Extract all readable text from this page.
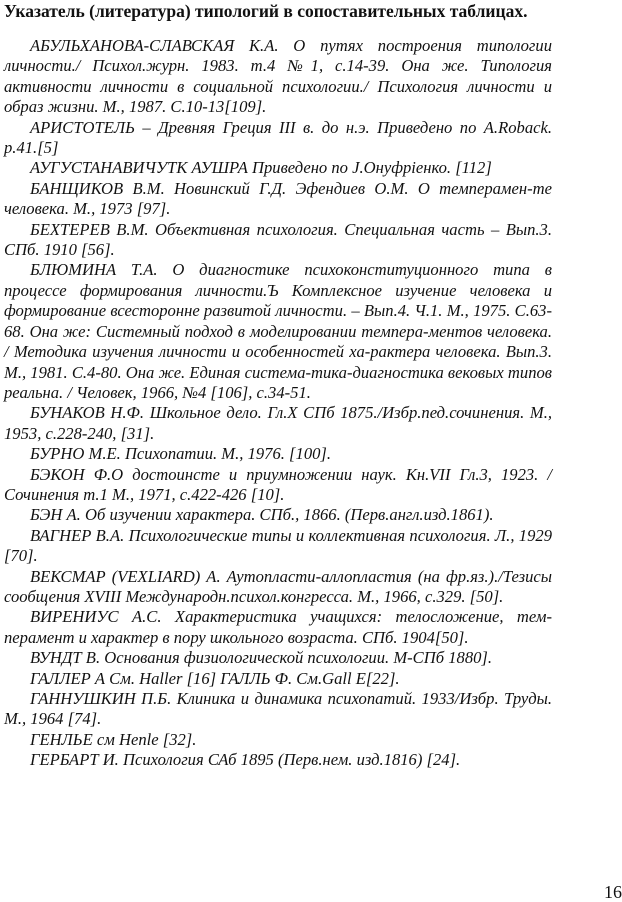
Указатель (литература) типологий в сопоставительных таблицах.

АБУЛЬХАНОВА-СЛАВСКАЯ К.А. О путях построения типологии личности./ Психол.журн. 1983. т.4 №1, с.14-39. Она же. Типология активности личности в социальной психологии./ Психология личности и образ жизни. М., 1987. С.10-13[109].

АРИСТОТЕЛЬ – Древняя Греция III в. до н.э. Приведено по A.Roback. p.41.[5]

АУГУСТАНАВИЧУТК АУШРА Приведено по J.Онуфрiенко. [112]

БАНЩИКОВ В.М. Новинский Г.Д. Эфендиев О.М. О темперамен-те человека. М., 1973 [97].

БЕХТЕРЕВ В.М. Объективная психология. Специальная часть – Вып.3. СПб. 1910 [56].

БЛЮМИНА Т.А. О диагностике психоконституционного типа в процессе формирования личности.Ъ Комплексное изучение человека и формирование всесторонне развитой личности. – Вып.4. Ч.1. М., 1975. С.63-68. Она же: Системный подход в моделировании темпера-ментов человека. / Методика изучения личности и особенностей ха-рактера человека. Вып.3. М., 1981. С.4-80. Она же. Единая система-тика-диагностика вековых типов реальна. / Человек, 1966, №4 [106], с.34-51.

БУНАКОВ Н.Ф. Школьное дело. Гл.X СПб 1875./Избр.пед.сочинения. М., 1953, с.228-240, [31].

БУРНО М.Е. Психопатии. М., 1976. [100].

БЭКОН Ф.О достоинсте и приумножении наук. Кн.VII Гл.3, 1923. /Сочинения т.1 М., 1971, с.422-426 [10].

БЭН А. Об изучении характера. СПб., 1866. (Перв.англ.изд.1861).

ВАГНЕР В.А. Психологические типы и коллективная психология. Л., 1929 [70].

ВЕКСМАР (VEXLIARD) А. Аутопласти-аллопластия (на фр.яз.)./Тезисы сообщения XVIII Международн.психол.конгресса. М., 1966, с.329. [50].

ВИРЕНИУС А.С. Характеристика учащихся: телосложение, тем-перамент и характер в пору школьного возраста. СПб. 1904[50].

ВУНДТ В. Основания физиологической психологии. М-СПб 1880].

ГАЛЛЕР А См. Haller [16] ГАЛЛЬ Ф. См.Gall E[22].

ГАННУШКИН П.Б. Клиника и динамика психопатий. 1933/Избр. Труды. М., 1964 [74].

ГЕНЛЬЕ см Henle [32].

ГЕРБАРТ И. Психология САб 1895 (Перв.нем. изд.1816) [24].

16
